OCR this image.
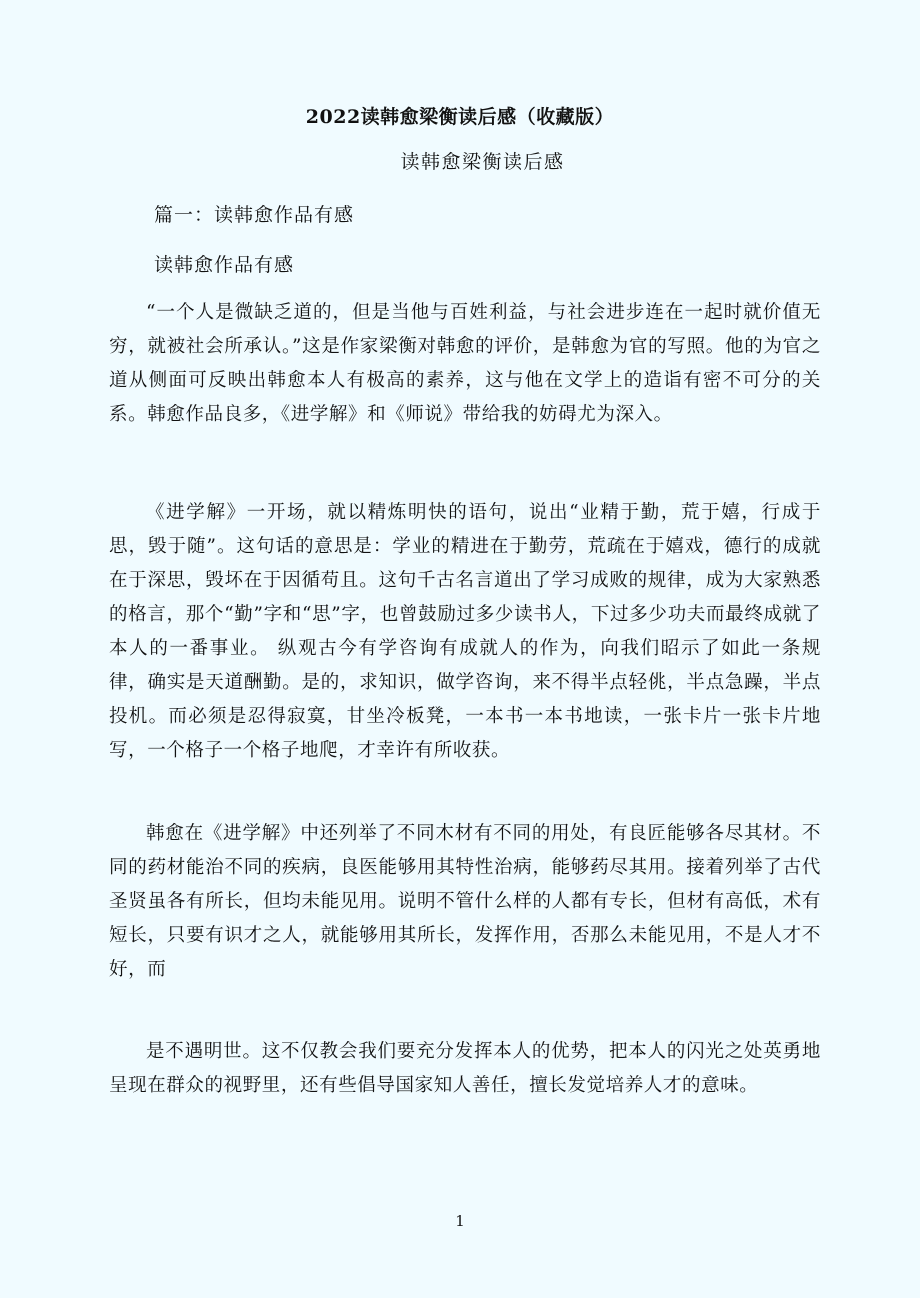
2022读韩愈梁衡读后感（收藏版）
读韩愈梁衡读后感
篇一：读韩愈作品有感
读韩愈作品有感

“一个人是微缺乏道的，但是当他与百姓利益，与社会进步连在一起时就价值无穷，就被社会所承认。”这是作家梁衡对韩愈的评价，是韩愈为官的写照。他的为官之道从侧面可反映出韩愈本人有极高的素养，这与他在文学上的造诣有密不可分的关系。韩愈作品良多，《进学解》和《师说》带给我的妨碍尤为深入。

《进学解》一开场，就以精炼明快的语句，说出“业精于勤，荒于嬉，行成于思，毁于随”。这句话的意思是：学业的精进在于勤劳，荒疏在于嬉戏，德行的成就在于深思，毁坏在于因循苟且。这句千古名言道出了学习成败的规律，成为大家熟悉的格言，那个“勤”字和“思”字，也曾鼓励过多少读书人，下过多少功夫而最终成就了本人的一番事业。 纵观古今有学咨询有成就人的作为，向我们昭示了如此一条规律，确实是天道酬勤。是的，求知识，做学咨询，来不得半点轻佻，半点急躁，半点投机。而必须是忍得寂寞，甘坐冷板凳，一本书一本书地读，一张卡片一张卡片地写，一个格子一个格子地爬，才幸许有所收获。

韩愈在《进学解》中还列举了不同木材有不同的用处，有良匠能够各尽其材。不同的药材能治不同的疾病，良医能够用其特性治病，能够药尽其用。接着列举了古代圣贤虽各有所长，但均未能见用。说明不管什么样的人都有专长，但材有高低，术有短长，只要有识才之人，就能够用其所长，发挥作用，否那么未能见用，不是人才不好，而

是不遇明世。这不仅教会我们要充分发挥本人的优势，把本人的闪光之处英勇地呈现在群众的视野里，还有些倡导国家知人善任，擅长发觉培养人才的意味。

1
